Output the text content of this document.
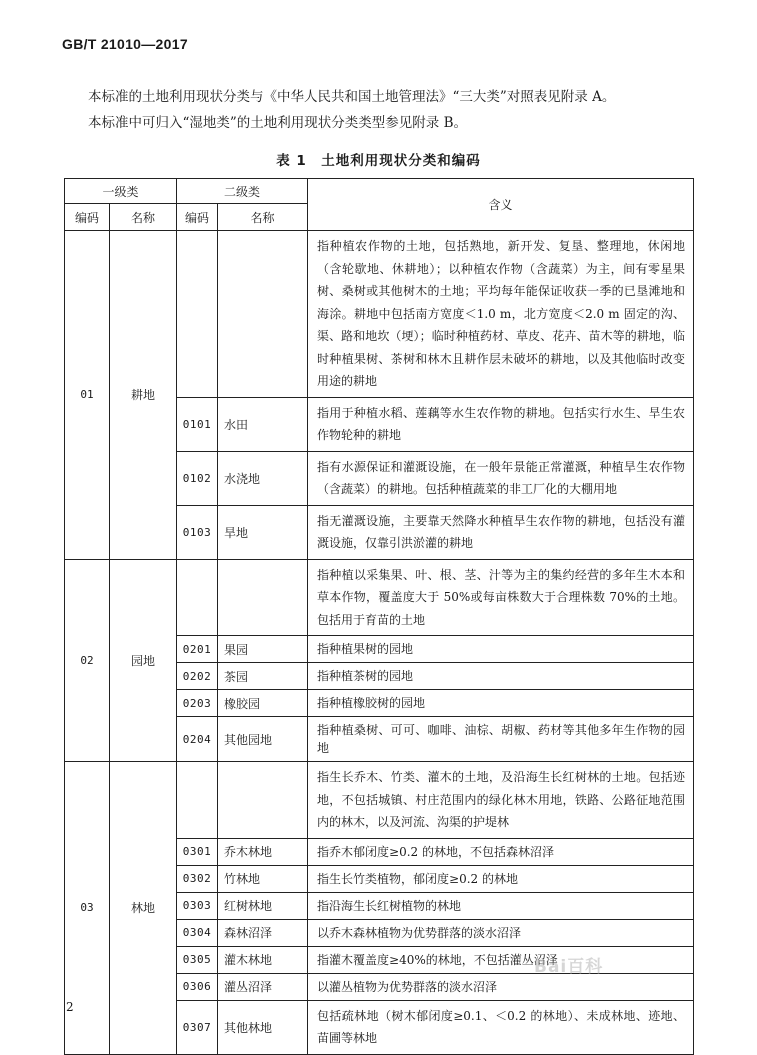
GB/T 21010—2017
本标准的土地利用现状分类与《中华人民共和国土地管理法》“三大类”对照表见附录 A。
本标准中可归入“湿地类”的土地利用现状分类类型参见附录 B。
表 1　土地利用现状分类和编码
一级类		二级类		含义
编码	名称	编码	名称	
01	耕地			指种植农作物的土地，包括熟地，新开发、复垦、整理地，休闲地（含轮歇地、休耕地）；以种植农作物（含蔬菜）为主，间有零星果树、桑树或其他树木的土地；平均每年能保证收获一季的已垦滩地和海涂。耕地中包括南方宽度＜1.0 m，北方宽度＜2.0 m 固定的沟、渠、路和地坎（埂）；临时种植药材、草皮、花卉、苗木等的耕地，临时种植果树、茶树和林木且耕作层未破坏的耕地，以及其他临时改变用途的耕地
		0101	水田	指用于种植水稻、莲藕等水生农作物的耕地。包括实行水生、旱生农作物轮种的耕地
		0102	水浇地	指有水源保证和灌溉设施，在一般年景能正常灌溉，种植旱生农作物（含蔬菜）的耕地。包括种植蔬菜的非工厂化的大棚用地
		0103	旱地	指无灌溉设施，主要靠天然降水种植旱生农作物的耕地，包括没有灌溉设施，仅靠引洪淤灌的耕地
02	园地			指种植以采集果、叶、根、茎、汁等为主的集约经营的多年生木本和草本作物，覆盖度大于 50%或每亩株数大于合理株数 70%的土地。包括用于育苗的土地
		0201	果园	指种植果树的园地
		0202	茶园	指种植茶树的园地
		0203	橡胶园	指种植橡胶树的园地
		0204	其他园地	指种植桑树、可可、咖啡、油棕、胡椒、药材等其他多年生作物的园地
03	林地			指生长乔木、竹类、灌木的土地，及沿海生长红树林的土地。包括迹地，不包括城镇、村庄范围内的绿化林木用地，铁路、公路征地范围内的林木，以及河流、沟渠的护堤林
		0301	乔木林地	指乔木郁闭度≥0.2 的林地，不包括森林沼泽
		0302	竹林地	指生长竹类植物，郁闭度≥0.2 的林地
		0303	红树林地	指沿海生长红树植物的林地
		0304	森林沼泽	以乔木森林植物为优势群落的淡水沼泽
		0305	灌木林地	指灌木覆盖度≥40%的林地，不包括灌丛沼泽
		0306	灌丛沼泽	以灌丛植物为优势群落的淡水沼泽
		0307	其他林地	包括疏林地（树木郁闭度≥0.1、＜0.2 的林地）、未成林地、迹地、苗圃等林地
Bai百科
2
